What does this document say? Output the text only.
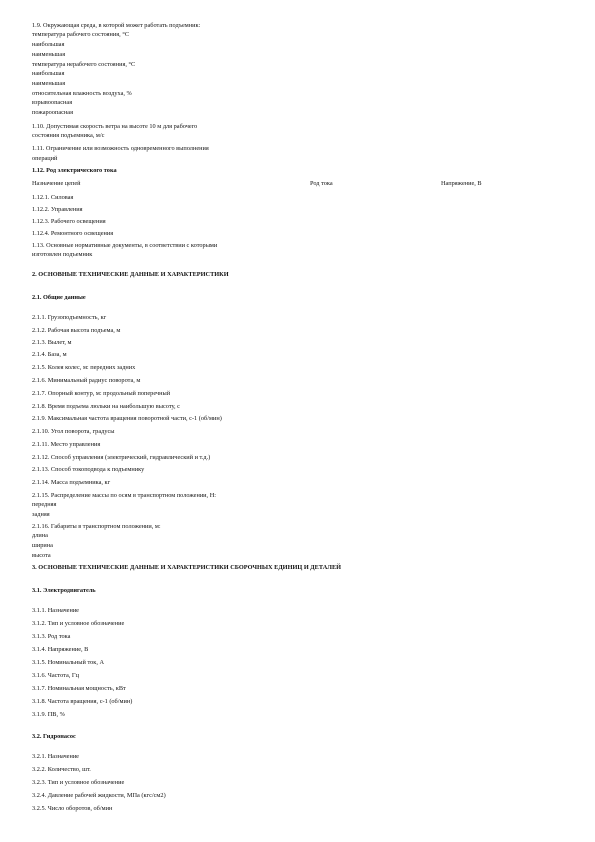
1.9. Окружающая среда, в которой может работать подъемник:
температура рабочего состояния, °С
наибольшая
наименьшая
температура нерабочего состояния, °С
наибольшая
наименьшая
относительная влажность воздуха, %
взрывоопасная
пожароопасная
1.10. Допустимая скорость ветра на высоте 10 м для рабочего
состояния подъемника, м/с
1.11. Ограничение или возможность одновременного выполнения
операций
1.12. Род электрического тока
Назначение цепей	Род тока	Напряжение, В
1.12.1. Силовая
1.12.2. Управления
1.12.3. Рабочего освещения
1.12.4. Ремонтного освещения
1.13. Основные нормативные документы, в соответствии с которыми
изготовлен подъемник
2. ОСНОВНЫЕ ТЕХНИЧЕСКИЕ ДАННЫЕ И ХАРАКТЕРИСТИКИ
2.1. Общие данные
2.1.1. Грузоподъемность, кг
2.1.2. Рабочая высота подъема, м
2.1.3. Вылет, м
2.1.4. База, м
2.1.5. Колея колес, м: передних задних
2.1.6. Минимальный радиус поворота, м
2.1.7. Опорный контур, м: продольный поперечный
2.1.8. Время подъема люльки на наибольшую высоту, с
2.1.9. Максимальная частота вращения поворотной части, с-1 (об/мин)
2.1.10. Угол поворота, градусы
2.1.11. Место управления
2.1.12. Способ управления (электрический, гидравлический и т.д.)
2.1.13. Способ токоподвода к подъемнику
2.1.14. Масса подъемника, кг
2.1.15. Распределение массы по осям в транспортном положении, Н:
передняя
задняя
2.1.16. Габариты в транспортном положении, м:
длина
ширина
высота
3. ОСНОВНЫЕ ТЕХНИЧЕСКИЕ ДАННЫЕ И ХАРАКТЕРИСТИКИ СБОРОЧНЫХ ЕДИНИЦ И ДЕТАЛЕЙ
3.1. Электродвигатель
3.1.1. Назначение
3.1.2. Тип и условное обозначение
3.1.3. Род тока
3.1.4. Напряжение, В
3.1.5. Номинальный ток, А
3.1.6. Частота, Гц
3.1.7. Номинальная мощность, кВт
3.1.8. Частота вращения, с-1 (об/мин)
3.1.9. ПВ, %
3.2. Гидронасос
3.2.1. Назначение
3.2.2. Количество, шт.
3.2.3. Тип и условное обозначение
3.2.4. Давление рабочей жидкости, МПа (кгс/см2)
3.2.5. Число оборотов, об/мин
